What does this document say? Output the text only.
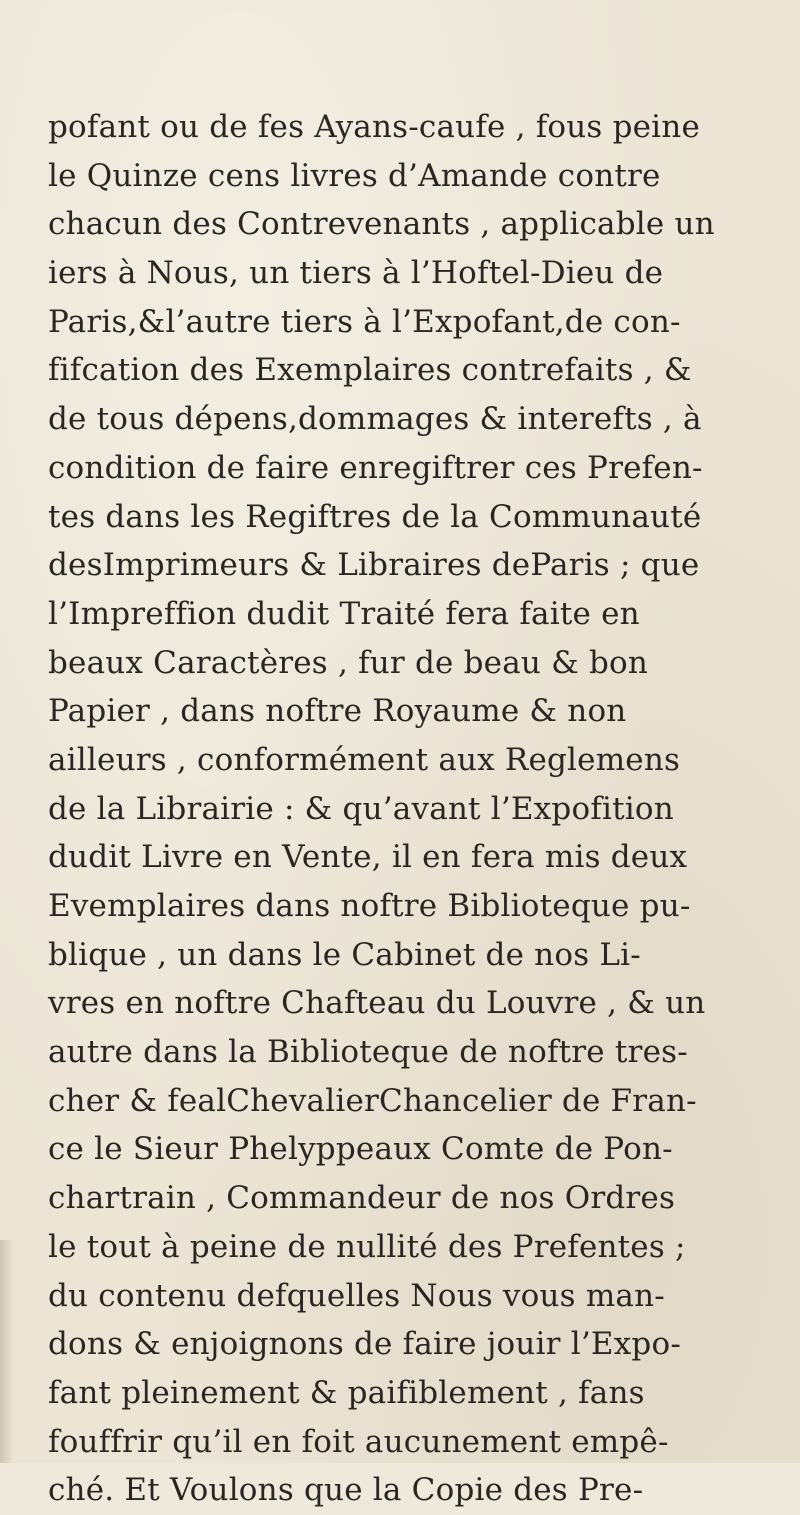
pofant ou de fes Ayans-caufe , fous peine
le Quinze cens livres d’Amande contre
chacun des Contrevenants , applicable un
iers à Nous, un tiers à l’Hoftel-Dieu de
Paris,&l’autre tiers à l’Expofant,de con-
fifcation des Exemplaires contrefaits , &
de tous dépens,dommages & interefts , à
condition de faire enregiftrer ces Prefen-
tes dans les Regiftres de la Communauté
desImprimeurs & Libraires deParis ; que
l’Impreffion dudit Traité fera faite en
beaux Caractères , fur de beau & bon
Papier , dans noftre Royaume & non
ailleurs , conformément aux Reglemens
de la Librairie : & qu’avant l’Expofition
dudit Livre en Vente, il en fera mis deux
Evemplaires dans noftre Biblioteque pu-
blique , un dans le Cabinet de nos Li-
vres en noftre Chafteau du Louvre , & un
autre dans la Biblioteque de noftre tres-
cher & fealChevalierChancelier de Fran-
ce le Sieur Phelyppeaux Comte de Pon-
chartrain , Commandeur de nos Ordres
le tout à peine de nullité des Prefentes ;
du contenu defquelles Nous vous man-
dons & enjoignons de faire jouir l’Expo-
fant pleinement & paifiblement , fans
fouffrir qu’il en foit aucunement empê-
ché. Et Voulons que la Copie des Pre-
